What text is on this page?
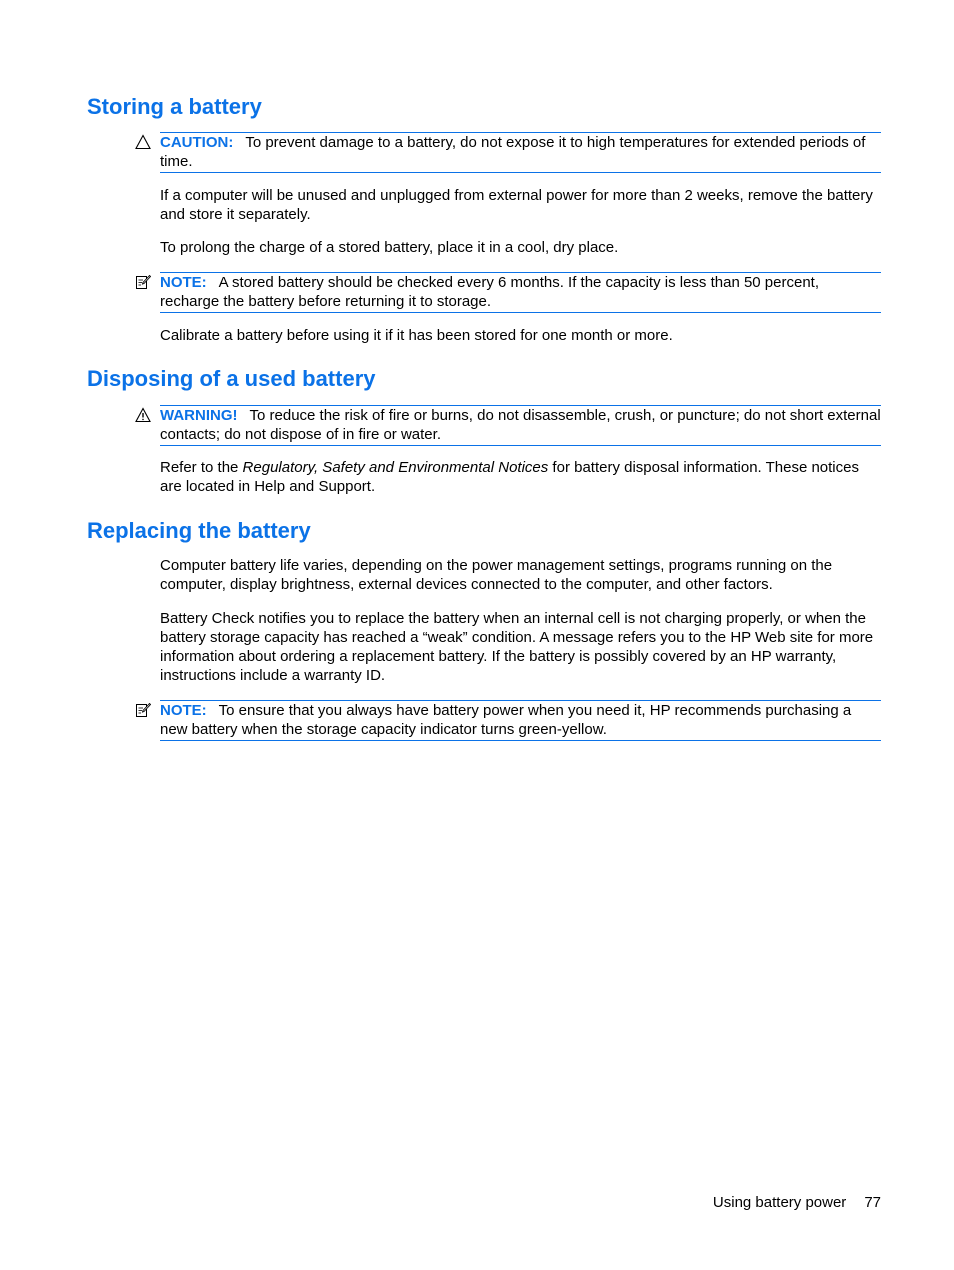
Storing a battery
CAUTION: To prevent damage to a battery, do not expose it to high temperatures for extended periods of time.

If a computer will be unused and unplugged from external power for more than 2 weeks, remove the battery and store it separately.

To prolong the charge of a stored battery, place it in a cool, dry place.

NOTE: A stored battery should be checked every 6 months. If the capacity is less than 50 percent, recharge the battery before returning it to storage.

Calibrate a battery before using it if it has been stored for one month or more.

Disposing of a used battery
WARNING! To reduce the risk of fire or burns, do not disassemble, crush, or puncture; do not short external contacts; do not dispose of in fire or water.

Refer to the Regulatory, Safety and Environmental Notices for battery disposal information. These notices are located in Help and Support.

Replacing the battery

Computer battery life varies, depending on the power management settings, programs running on the computer, display brightness, external devices connected to the computer, and other factors.

Battery Check notifies you to replace the battery when an internal cell is not charging properly, or when the battery storage capacity has reached a “weak” condition. A message refers you to the HP Web site for more information about ordering a replacement battery. If the battery is possibly covered by an HP warranty, instructions include a warranty ID.

NOTE: To ensure that you always have battery power when you need it, HP recommends purchasing a new battery when the storage capacity indicator turns green-yellow.
Using battery power 77
